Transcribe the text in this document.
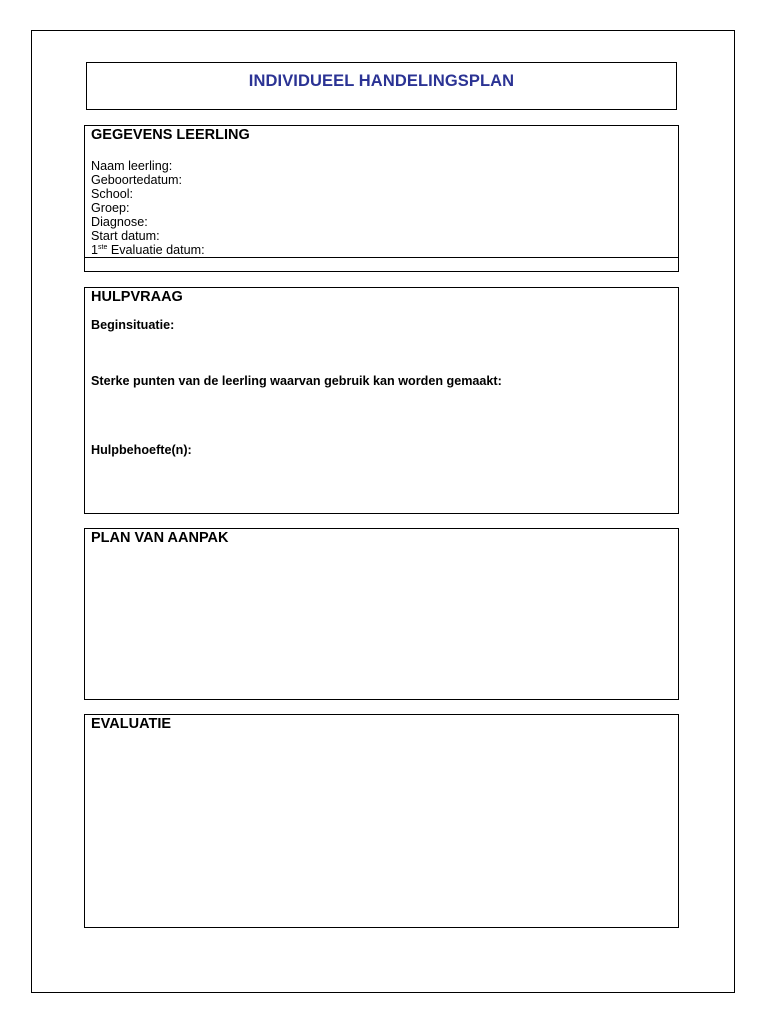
INDIVIDUEEL HANDELINGSPLAN
GEGEVENS LEERLING
Naam leerling:
Geboortedatum:
School:
Groep:
Diagnose:
Start datum:
1ste Evaluatie datum:
HULPVRAAG
Beginsituatie:
Sterke punten van de leerling waarvan gebruik kan worden gemaakt:
Hulpbehoefte(n):
PLAN VAN AANPAK
EVALUATIE
